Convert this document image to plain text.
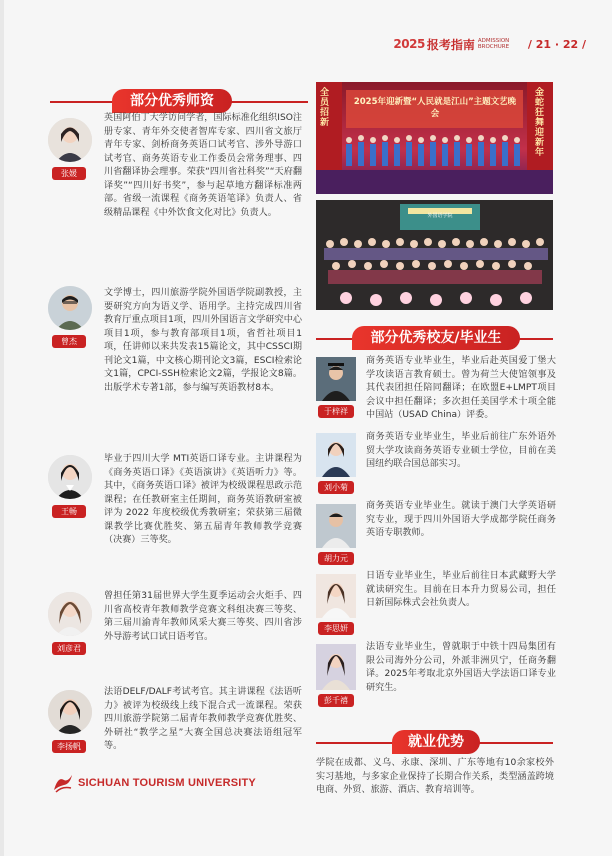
2025 报考指南 ADMISSION BROCHURE	/ 21 · 22 /
部分优秀师资
张媛
英国阿伯丁大学访问学者，国际标准化组织ISO注册专家、青年外交使者智库专家、四川省文旅厅青年专家、剑桥商务英语口试考官、涉外导游口试考官、商务英语专业工作委员会常务理事、四川省翻译协会理事。荣获“四川省社科奖”“天府翻译奖”“四川好书奖”，参与起草地方翻译标准两部。省级一流课程《商务英语笔译》负责人、省级精品课程《中外饮食文化对比》负责人。
曾杰
文学博士，四川旅游学院外国语学院副教授，主要研究方向为语义学、语用学。主持完成四川省教育厅重点项目1项，四川外国语言文学研究中心项目1项，参与教育部项目1项，省哲社项目1项，任讲师以来共发表15篇论文，其中CSSCI期刊论文1篇，中文核心期刊论文3篇，ESCI检索论文1篇，CPCI-SSH检索论文2篇，学报论文8篇。出版学术专著1部，参与编写英语教材8本。
王畅
毕业于四川大学 MTI英语口译专业。主讲课程为《商务英语口译》《英语演讲》《英语听力》等。其中，《商务英语口译》被评为校级课程思政示范课程；在任教研室主任期间，商务英语教研室被评为 2022 年度校级优秀教研室；荣获第三届微课教学比赛优胜奖、第五届青年教师教学竞赛（决赛）三等奖。
刘彦君
曾担任第31届世界大学生夏季运动会火炬手、四川省高校青年教师教学竞赛文科组决赛三等奖、第三届川渝青年教师风采大赛三等奖、四川省涉外导游考试口试日语考官。
李扬帆
法语DELF/DALF考试考官。其主讲课程《法语听力》被评为校级线上线下混合式一流课程。荣获四川旅游学院第二届青年教师教学竞赛优胜奖、外研社“教学之星”大赛全国总决赛法语组冠军等。
SICHUAN TOURISM UNIVERSITY
全员招新
金蛇狂舞迎新年
2025年迎新暨“人民就是江山”主题文艺晚会
外国语学院
部分优秀校友/毕业生
于梓祥
商务英语专业毕业生，毕业后赴英国爱丁堡大学攻读语言教育硕士。曾为荷兰大使馆领事及其代表团担任陪同翻译；在欧盟E+LMPT项目会议中担任翻译；多次担任美国学术十项全能中国站（USAD China）评委。
刘小菊
商务英语专业毕业生，毕业后前往广东外语外贸大学攻读商务英语专业硕士学位，目前在美国纽约联合国总部实习。
胡力元
商务英语专业毕业生。就读于澳门大学英语研究专业，现于四川外国语大学成都学院任商务英语专职教师。
李思妍
日语专业毕业生，毕业后前往日本武藏野大学就读研究生。目前在日本升力贸易公司，担任日新国际株式会社负责人。
彭千禧
法语专业毕业生，曾就职于中铁十四局集团有限公司海外分公司，外派非洲贝宁，任商务翻译。2025年考取北京外国语大学法语口译专业研究生。
就业优势
学院在成都、义乌、永康、深圳、广东等地有10余家校外实习基地，与多家企业保持了长期合作关系，类型涵盖跨境电商、外贸、旅游、酒店、教育培训等。
